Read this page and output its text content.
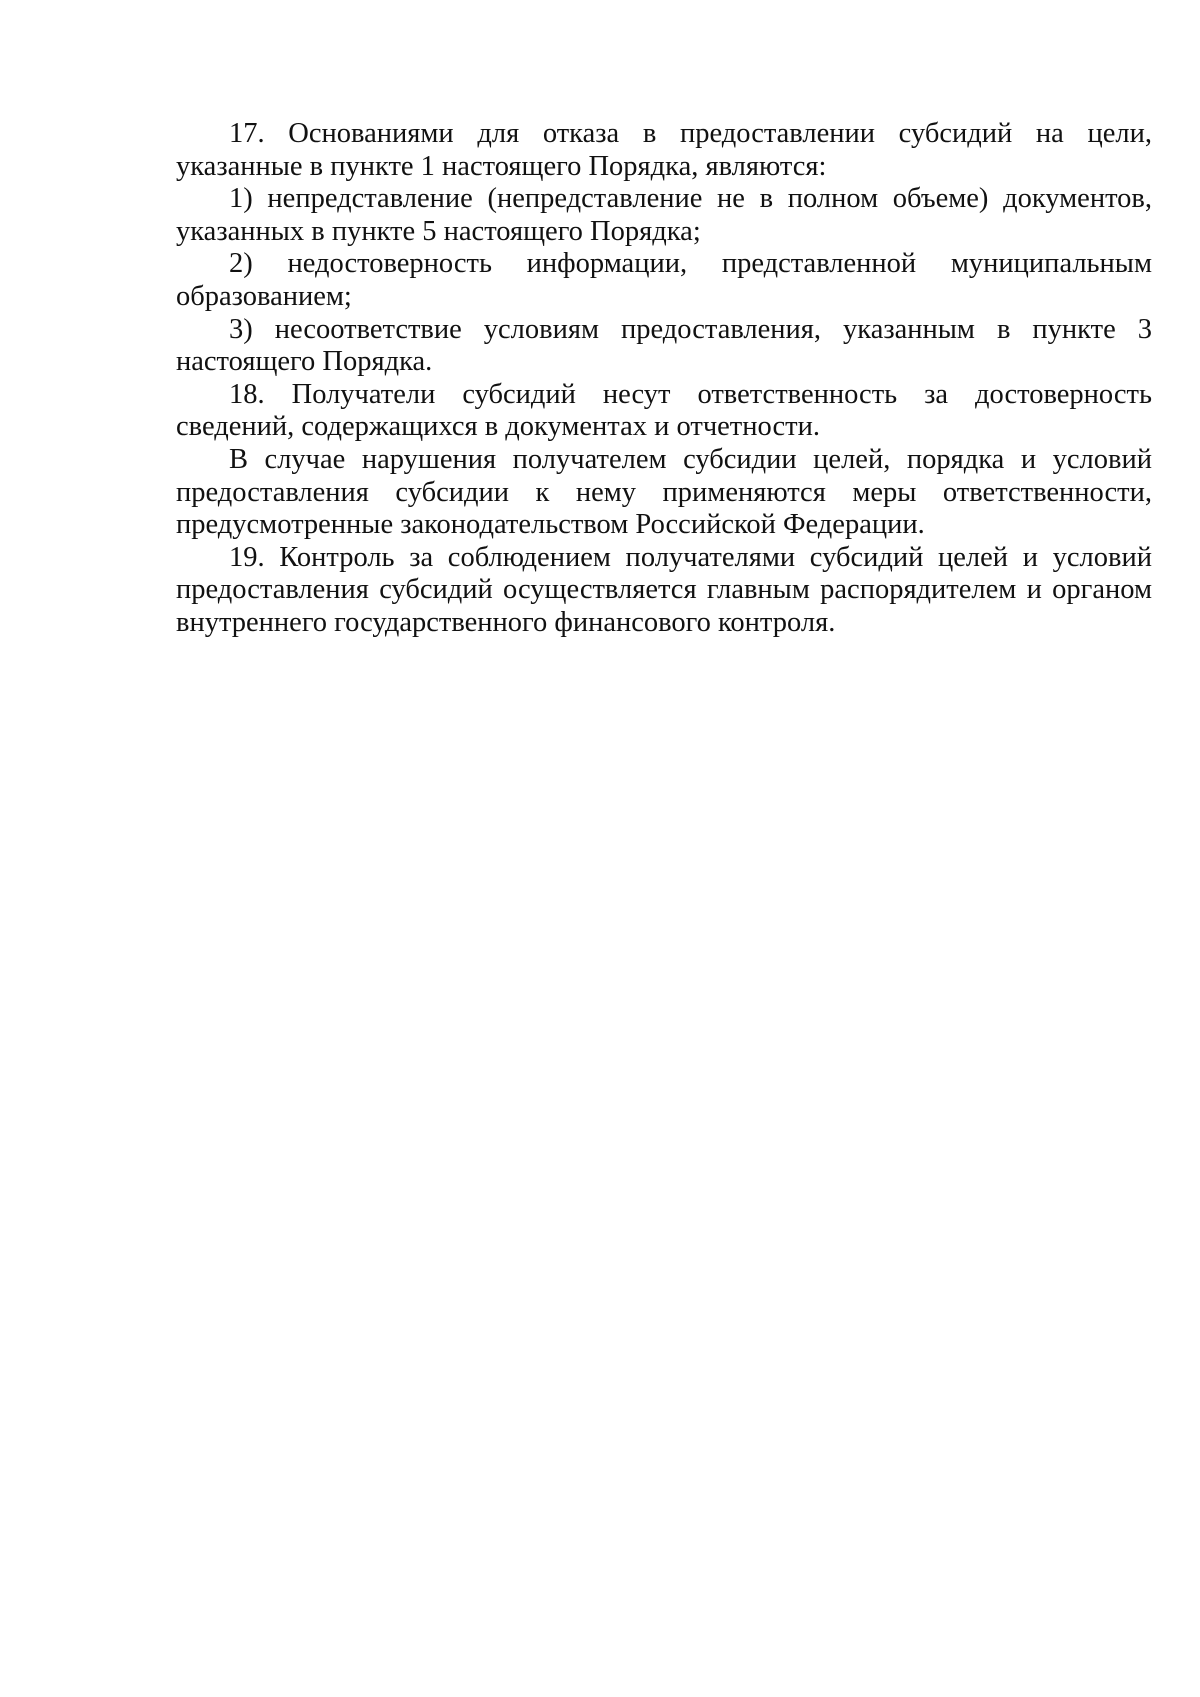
17. Основаниями для отказа в предоставлении субсидий на цели, указанные в пункте 1 настоящего Порядка, являются:

1) непредставление (непредставление не в полном объеме) документов, указанных в пункте 5 настоящего Порядка;

2) недостоверность информации, представленной муниципальным образованием;

3) несоответствие условиям предоставления, указанным в пункте 3 настоящего Порядка.

18. Получатели субсидий несут ответственность за достоверность сведений, содержащихся в документах и отчетности.

В случае нарушения получателем субсидии целей, порядка и условий предоставления субсидии к нему применяются меры ответственности, предусмотренные законодательством Российской Федерации.

19. Контроль за соблюдением получателями субсидий целей и условий предоставления субсидий осуществляется главным распорядителем и органом внутреннего государственного финансового контроля.
